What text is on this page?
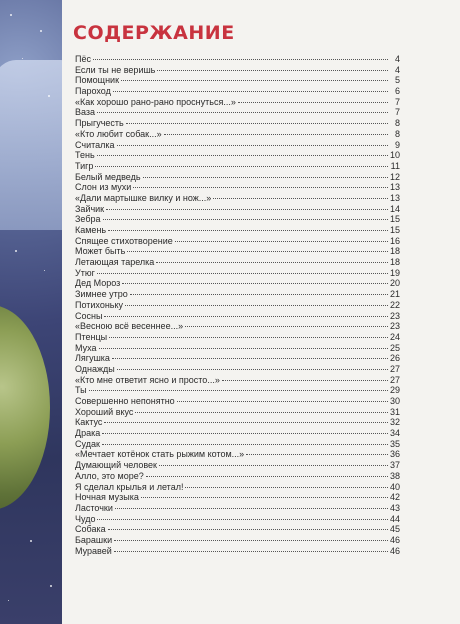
СОДЕРЖАНИЕ
Пёс	4
Если ты не веришь	4
Помощник	5
Пароход	6
«Как хорошо рано-рано проснуться...»	7
Ваза	7
Прыгучесть	8
«Кто любит собак...»	8
Считалка	9
Тень	10
Тигр	11
Белый медведь	12
Слон из мухи	13
«Дали мартышке вилку и нож...»	13
Зайчик	14
Зебра	15
Камень	15
Спящее стихотворение	16
Может быть	18
Летающая тарелка	18
Утюг	19
Дед Мороз	20
Зимнее утро	21
Потихоньку	22
Сосны	23
«Весною всё весеннее...»	23
Птенцы	24
Муха	25
Лягушка	26
Однажды	27
«Кто мне ответит ясно и просто...»	27
Ты	29
Совершенно непонятно	30
Хороший вкус	31
Кактус	32
Драка	34
Судак	35
«Мечтает котёнок стать рыжим котом...»	36
Думающий человек	37
Алло, это море?	38
Я сделал крылья и летал!	40
Ночная музыка	42
Ласточки	43
Чудо	44
Собака	45
Барашки	46
Муравей	46
